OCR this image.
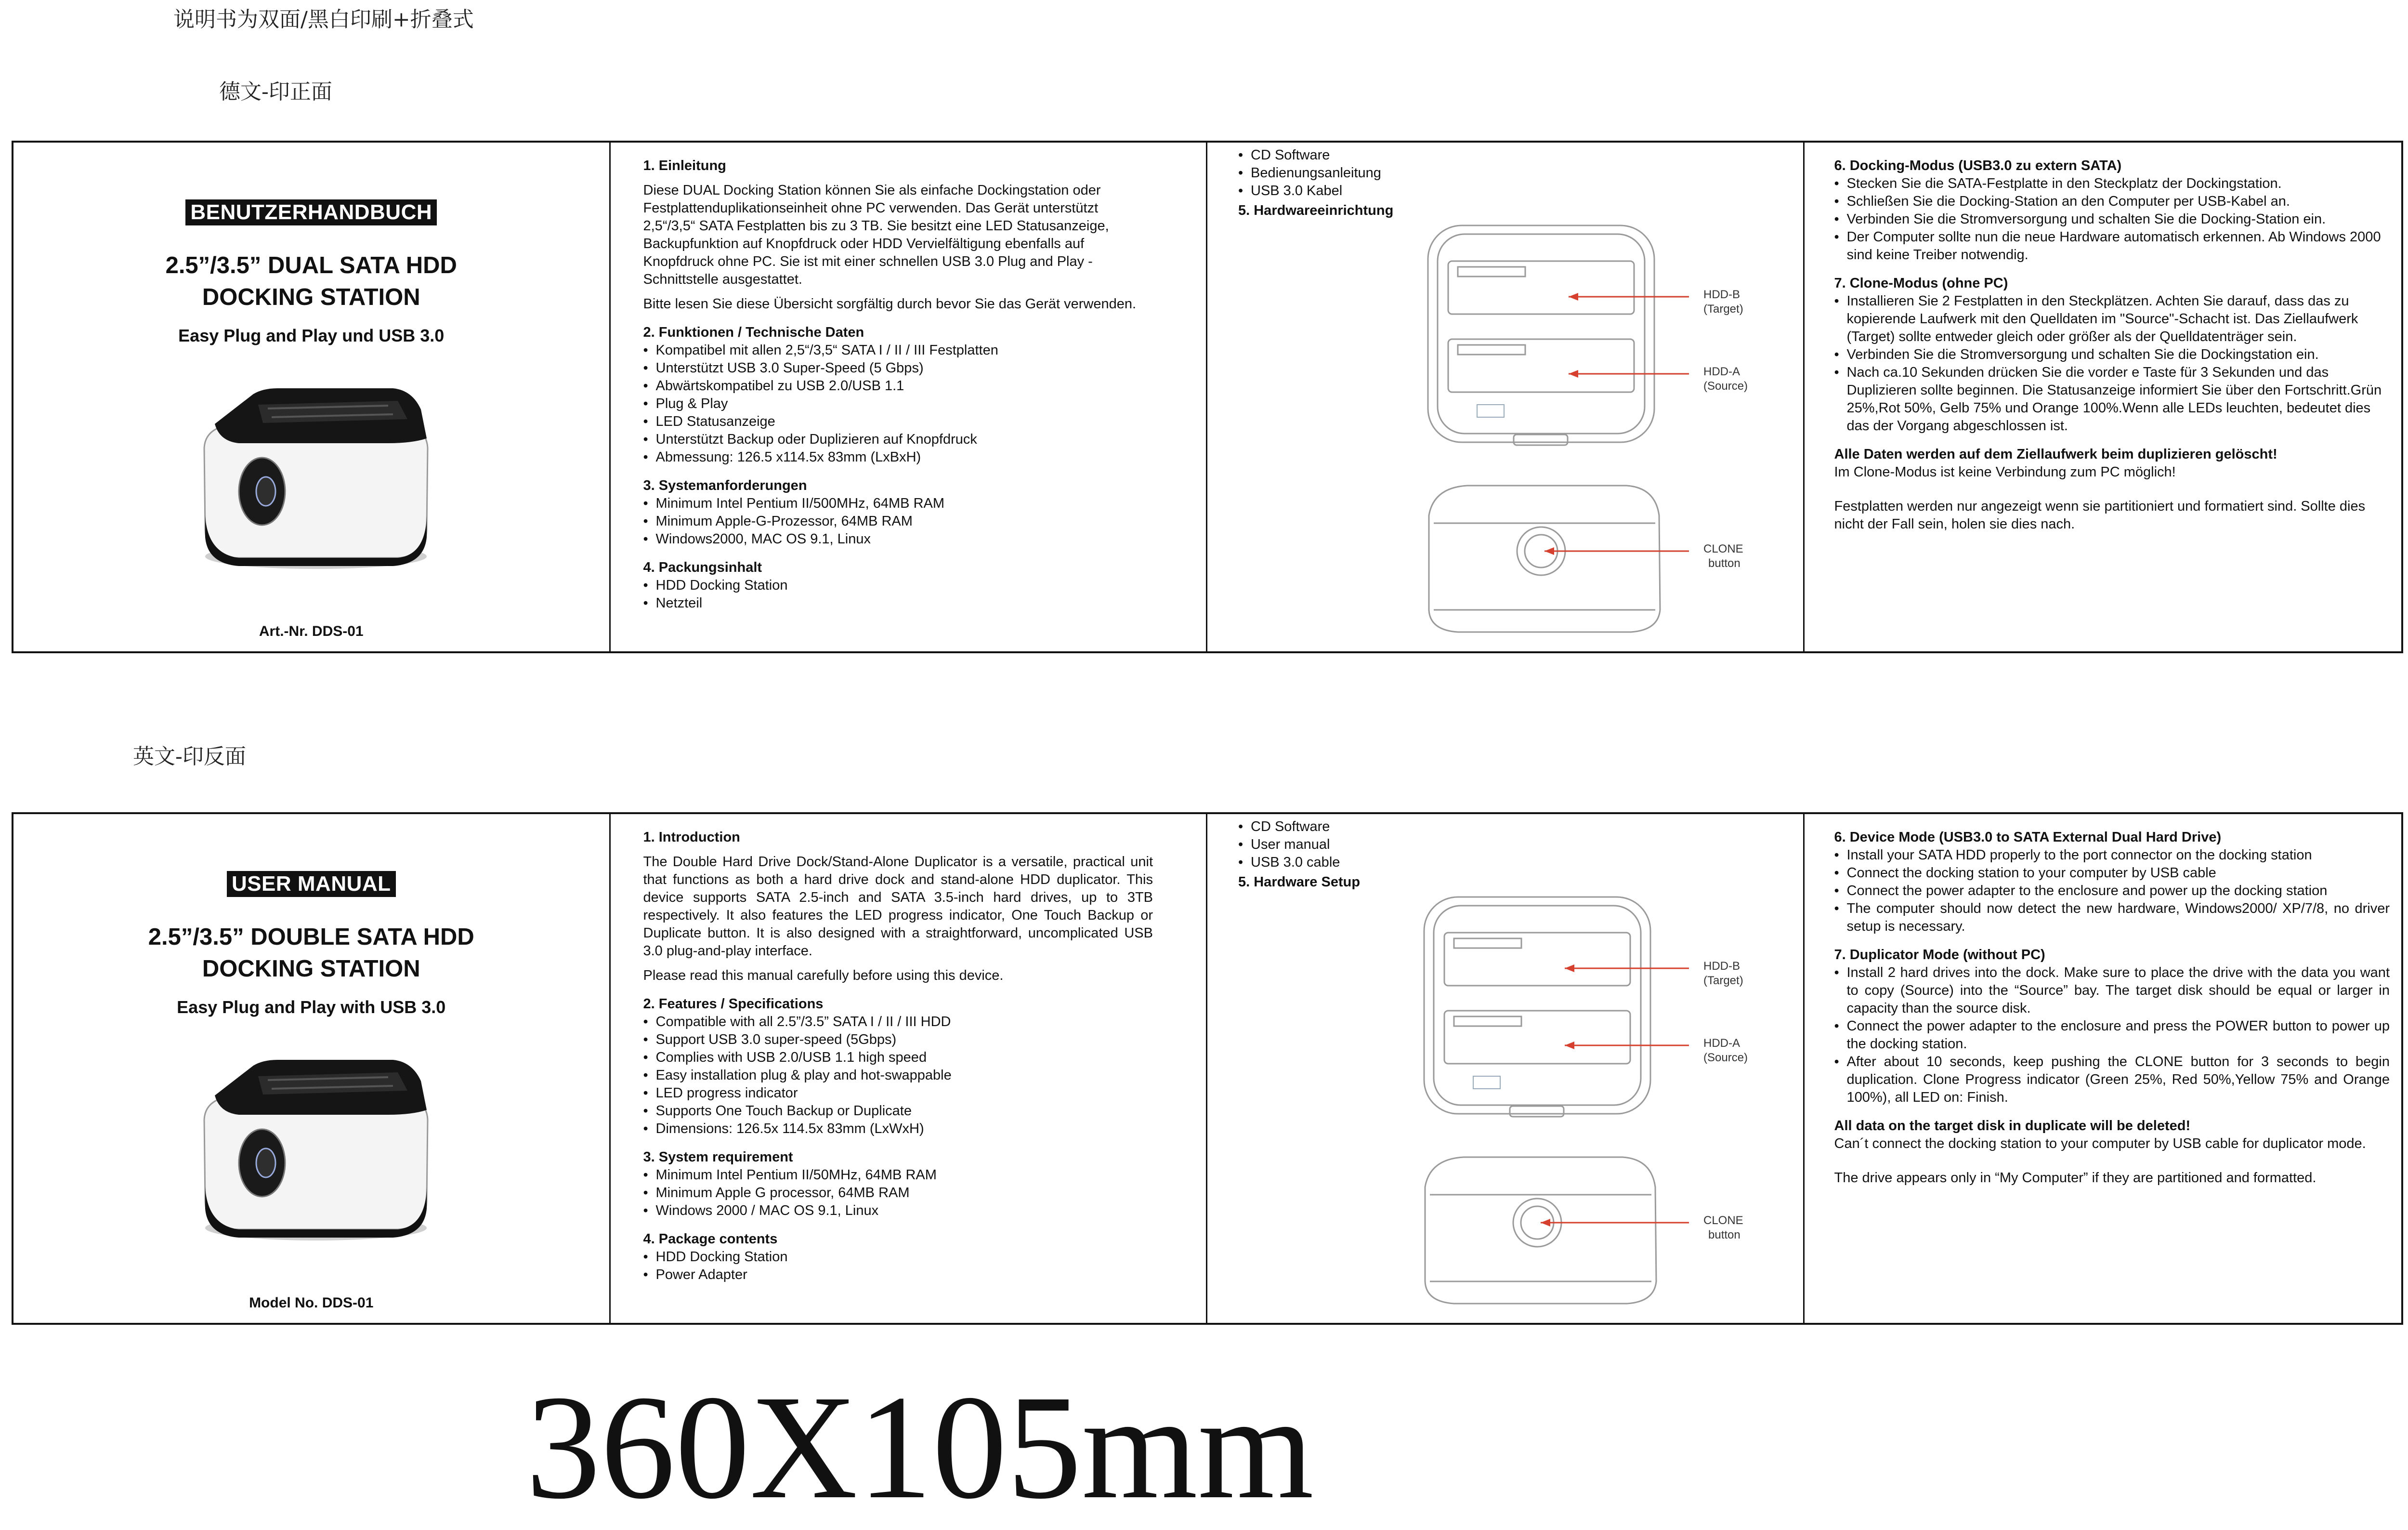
说明书为双面/黑白印刷+折叠式
德文-印正面
BENUTZERHANDBUCH
2.5”/3.5” DUAL SATA HDD
DOCKING STATION
Easy Plug and Play und USB 3.0
Art.-Nr. DDS-01
1. Einleitung
Diese DUAL Docking Station können Sie als einfache Dockingstation oder Festplattenduplikationseinheit ohne PC verwenden. Das Gerät unterstützt 2,5“/3,5“ SATA Festplatten bis zu 3 TB. Sie besitzt eine LED Statusanzeige, Backupfunktion auf Knopfdruck oder HDD Vervielfältigung ebenfalls auf Knopfdruck ohne PC. Sie ist mit einer schnellen USB 3.0 Plug and Play -Schnittstelle ausgestattet.
Bitte lesen Sie diese Übersicht sorgfältig durch bevor Sie das Gerät verwenden.
2. Funktionen / Technische Daten
• Kompatibel mit allen 2,5“/3,5“ SATA I / II / III Festplatten
• Unterstützt USB 3.0 Super-Speed (5 Gbps)
• Abwärtskompatibel zu USB 2.0/USB 1.1
• Plug & Play
• LED Statusanzeige
• Unterstützt Backup oder Duplizieren auf Knopfdruck
• Abmessung: 126.5 x114.5x 83mm (LxBxH)
3. Systemanforderungen
• Minimum Intel Pentium II/500MHz, 64MB RAM
• Minimum Apple-G-Prozessor, 64MB RAM
• Windows2000, MAC OS 9.1, Linux
4. Packungsinhalt
• HDD Docking Station
• Netzteil
• CD Software
• Bedienungsanleitung
• USB 3.0 Kabel
5. Hardwareeinrichtung
HDD-B
(Target)
HDD-A
(Source)
CLONE
button
6. Docking-Modus (USB3.0 zu extern SATA)
• Stecken Sie die SATA-Festplatte in den Steckplatz der Dockingstation.
• Schließen Sie die Docking-Station an den Computer per USB-Kabel an.
• Verbinden Sie die Stromversorgung und schalten Sie die Docking-Station ein.
• Der Computer sollte nun die neue Hardware automatisch erkennen. Ab Windows 2000 sind keine Treiber notwendig.
7. Clone-Modus (ohne PC)
• Installieren Sie 2 Festplatten in den Steckplätzen. Achten Sie darauf, dass das zu kopierende Laufwerk mit den Quelldaten im "Source"-Schacht ist. Das Ziellaufwerk (Target) sollte entweder gleich oder größer als der Quelldatenträger sein.
• Verbinden Sie die Stromversorgung und schalten Sie die Dockingstation ein.
• Nach ca.10 Sekunden drücken Sie die vorder e Taste für 3 Sekunden und das Duplizieren sollte beginnen. Die Statusanzeige informiert Sie über den Fortschritt.Grün 25%,Rot 50%, Gelb 75% und Orange 100%.Wenn alle LEDs leuchten, bedeutet dies das der Vorgang abgeschlossen ist.
Alle Daten werden auf dem Ziellaufwerk beim duplizieren gelöscht!
Im Clone-Modus ist keine Verbindung zum PC möglich!
Festplatten werden nur angezeigt wenn sie partitioniert und formatiert sind. Sollte dies nicht der Fall sein, holen sie dies nach.
英文-印反面
USER MANUAL
2.5”/3.5” DOUBLE SATA HDD
DOCKING STATION
Easy Plug and Play with USB 3.0
Model No. DDS-01
1. Introduction
The Double Hard Drive Dock/Stand-Alone Duplicator is a versatile, practical unit that functions as both a hard drive dock and stand-alone HDD duplicator. This device supports SATA 2.5-inch and SATA 3.5-inch hard drives, up to 3TB respectively. It also features the LED progress indicator, One Touch Backup or Duplicate button. It is also designed with a straightforward, uncomplicated USB 3.0 plug-and-play interface.
Please read this manual carefully before using this device.
2. Features / Specifications
• Compatible with all 2.5”/3.5” SATA I / II / III HDD
• Support USB 3.0 super-speed (5Gbps)
• Complies with USB 2.0/USB 1.1 high speed
• Easy installation plug & play and hot-swappable
• LED progress indicator
• Supports One Touch Backup or Duplicate
• Dimensions: 126.5x 114.5x 83mm (LxWxH)
3. System requirement
• Minimum Intel Pentium II/50MHz, 64MB RAM
• Minimum Apple G processor, 64MB RAM
• Windows 2000 / MAC OS 9.1, Linux
4. Package contents
• HDD Docking Station
• Power Adapter
• CD Software
• User manual
• USB 3.0 cable
5. Hardware Setup
HDD-B
(Target)
HDD-A
(Source)
CLONE
button
6. Device Mode (USB3.0 to SATA External Dual Hard Drive)
• Install your SATA HDD properly to the port connector on the docking station
• Connect the docking station to your computer by USB cable
• Connect the power adapter to the enclosure and power up the docking station
• The computer should now detect the new hardware, Windows2000/ XP/7/8, no driver setup is necessary.
7. Duplicator Mode (without PC)
• Install 2 hard drives into the dock. Make sure to place the drive with the data you want to copy (Source) into the “Source” bay. The target disk should be equal or larger in capacity than the source disk.
• Connect the power adapter to the enclosure and press the POWER button to power up the docking station.
• After about 10 seconds, keep pushing the CLONE button for 3 seconds to begin duplication. Clone Progress indicator (Green 25%, Red 50%,Yellow 75% and Orange 100%), all LED on: Finish.
All data on the target disk in duplicate will be deleted!
Can´t connect the docking station to your computer by USB cable for duplicator mode.
The drive appears only in “My Computer” if they are partitioned and formatted.
360X105mm
